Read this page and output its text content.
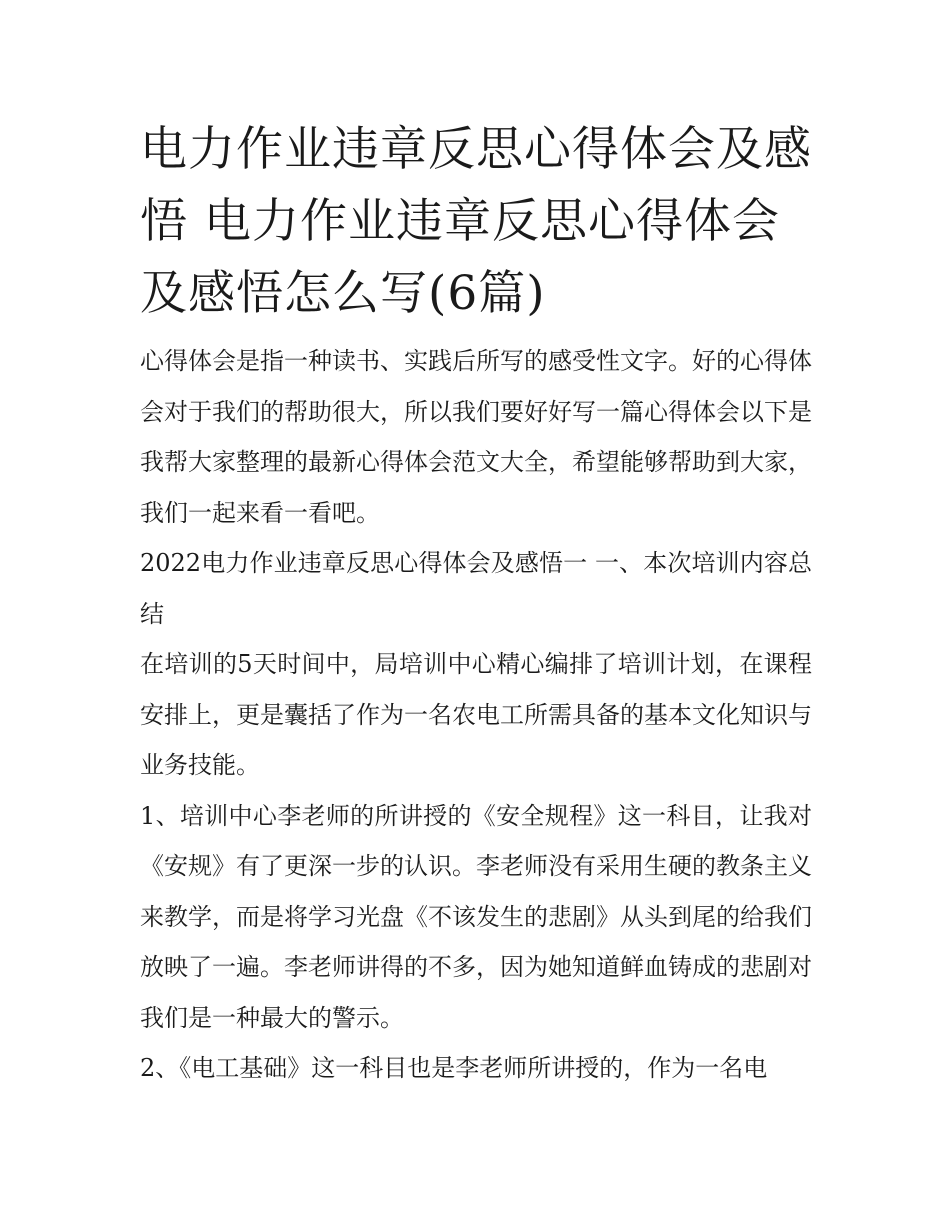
电力作业违章反思心得体会及感悟 电力作业违章反思心得体会及感悟怎么写(6篇)

心得体会是指一种读书、实践后所写的感受性文字。好的心得体会对于我们的帮助很大，所以我们要好好写一篇心得体会以下是我帮大家整理的最新心得体会范文大全，希望能够帮助到大家，我们一起来看一看吧。

2022电力作业违章反思心得体会及感悟一 一、本次培训内容总结

在培训的5天时间中，局培训中心精心编排了培训计划，在课程安排上，更是囊括了作为一名农电工所需具备的基本文化知识与业务技能。

1、培训中心李老师的所讲授的《安全规程》这一科目，让我对《安规》有了更深一步的认识。李老师没有采用生硬的教条主义来教学，而是将学习光盘《不该发生的悲剧》从头到尾的给我们放映了一遍。李老师讲得的不多，因为她知道鲜血铸成的悲剧对我们是一种最大的警示。

2、《电工基础》这一科目也是李老师所讲授的，作为一名电
